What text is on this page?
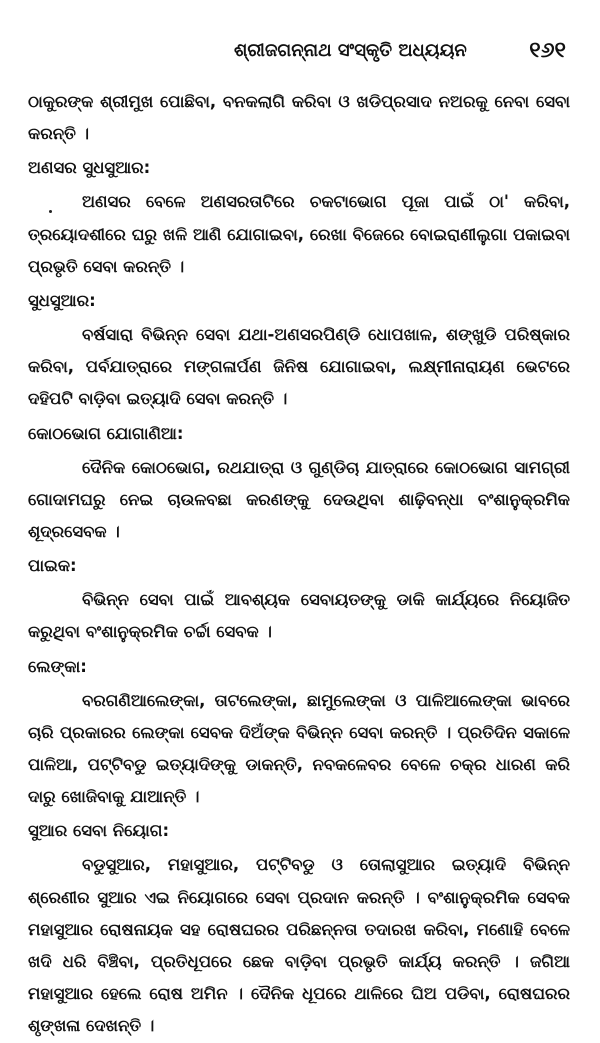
ଶ୍ରୀଜଗନ୍ନାଥ ସଂସ୍କୃତି ଅଧ୍ୟୟନ	୧୬୧

ଠାକୁରଙ୍କ ଶ୍ରୀମୁଖ ପୋଛିବା, ବନକଲାଗି କରିବା ଓ ଖଡିପ୍ରସାଦ ନଅରକୁ ନେବା ସେବା କରନ୍ତି ।

ଅଣସର ସୁଧସୁଆର:

ଅଣସର ବେଳେ ଅଣସରତାଟିରେ ଚକଟାଭୋଗ ପୂଜା ପାଇଁ ଠା' କରିବା, ତ୍ରୟୋଦଶୀରେ ଘରୁ ଖଳି ଆଣି ଯୋଗାଇବା, ରେଖା ବିଜେରେ ବୋଇରାଣୀଲୁଗା ପକାଇବା ପ୍ରଭୃତି ସେବା କରନ୍ତି ।

ସୁଧସୁଆର:

ବର୍ଷସାରା ବିଭିନ୍ନ ସେବା ଯଥା-ଅଣସରପିଣ୍ଡି ଧୋପଖାଳ, ଶଙ୍ଖୁଡି ପରିଷ୍କାର କରିବା, ପର୍ବଯାତ୍ରାରେ ମଙ୍ଗଳାର୍ପଣ ଜିନିଷ ଯୋଗାଇବା, ଲକ୍ଷ୍ମୀନାରାୟଣ ଭେଟରେ ଦହିପଟି ବାଡ଼ିବା ଇତ୍ୟାଦି ସେବା କରନ୍ତି ।

କୋଠଭୋଗ ଯୋଗାଣିଆ:

ଦୈନିକ କୋଠଭୋଗ, ରଥଯାତ୍ରା ଓ ଗୁଣ୍ଡିଚା ଯାତ୍ରାରେ କୋଠଭୋଗ ସାମଗ୍ରୀ ଗୋଦାମଘରୁ ନେଇ ଚାଉଳବଛା କରଣଙ୍କୁ ଦେଉଥିବା ଶାଢ଼ିବନ୍ଧା ବଂଶାନୁକ୍ରମିକ ଶୂଦ୍ରସେବକ ।

ପାଇକ:

ବିଭିନ୍ନ ସେବା ପାଇଁ ଆବଶ୍ୟକ ସେବାୟତଙ୍କୁ ଡାକି କାର୍ଯ୍ୟରେ ନିୟୋଜିତ କରୁଥିବା ବଂଶାନୁକ୍ରମିକ ଚର୍ଚ୍ଚା ସେବକ ।

ଲେଙ୍କା:

ବରଗଣିଆଲେଙ୍କା, ତାଟଲେଙ୍କା, ଛାମୁଲେଙ୍କା ଓ ପାଳିଆଲେଙ୍କା ଭାବରେ ଚାରି ପ୍ରକାରର ଲେଙ୍କା ସେବକ ଦିଅଁଙ୍କ ବିଭିନ୍ନ ସେବା କରନ୍ତି । ପ୍ରତିଦିନ ସକାଳେ ପାଳିଆ, ପଟ୍ଟିବଡୁ ଇତ୍ୟାଦିଙ୍କୁ ଡାକନ୍ତି, ନବକଳେବର ବେଳେ ଚକ୍ର ଧାରଣ କରି ଦାରୁ ଖୋଜିବାକୁ ଯାଆନ୍ତି ।

ସୁଆର ସେବା ନିୟୋଗ:

ବଡୁସୁଆର, ମହାସୁଆର, ପଟ୍ଟିବଡୁ ଓ ତୋଲାସୁଆର ଇତ୍ୟାଦି ବିଭିନ୍ନ ଶ୍ରେଣୀର ସୁଆର ଏଇ ନିୟୋଗରେ ସେବା ପ୍ରଦାନ କରନ୍ତି । ବଂଶାନୁକ୍ରମିକ ସେବକ ମହାସୁଆର ରୋଷନାୟକ ସହ ରୋଷଘରର ପରିଛନ୍ନତା ତଦାରଖ କରିବା, ମଣୋହି ବେଳେ ଖଦି ଧରି ବିଞ୍ଚିବା, ପ୍ରତିଧୂପରେ ଛେକ ବାଡ଼ିବା ପ୍ରଭୃତି କାର୍ଯ୍ୟ କରନ୍ତି । ଜଗିଆ ମହାସୁଆର ହେଲେ ରୋଷ ଅମିନ । ଦୈନିକ ଧୂପରେ ଥାଳିରେ ଘିଅ ପଡିବା, ରୋଷଘରର ଶୃଙ୍ଖଳା ଦେଖନ୍ତି ।
